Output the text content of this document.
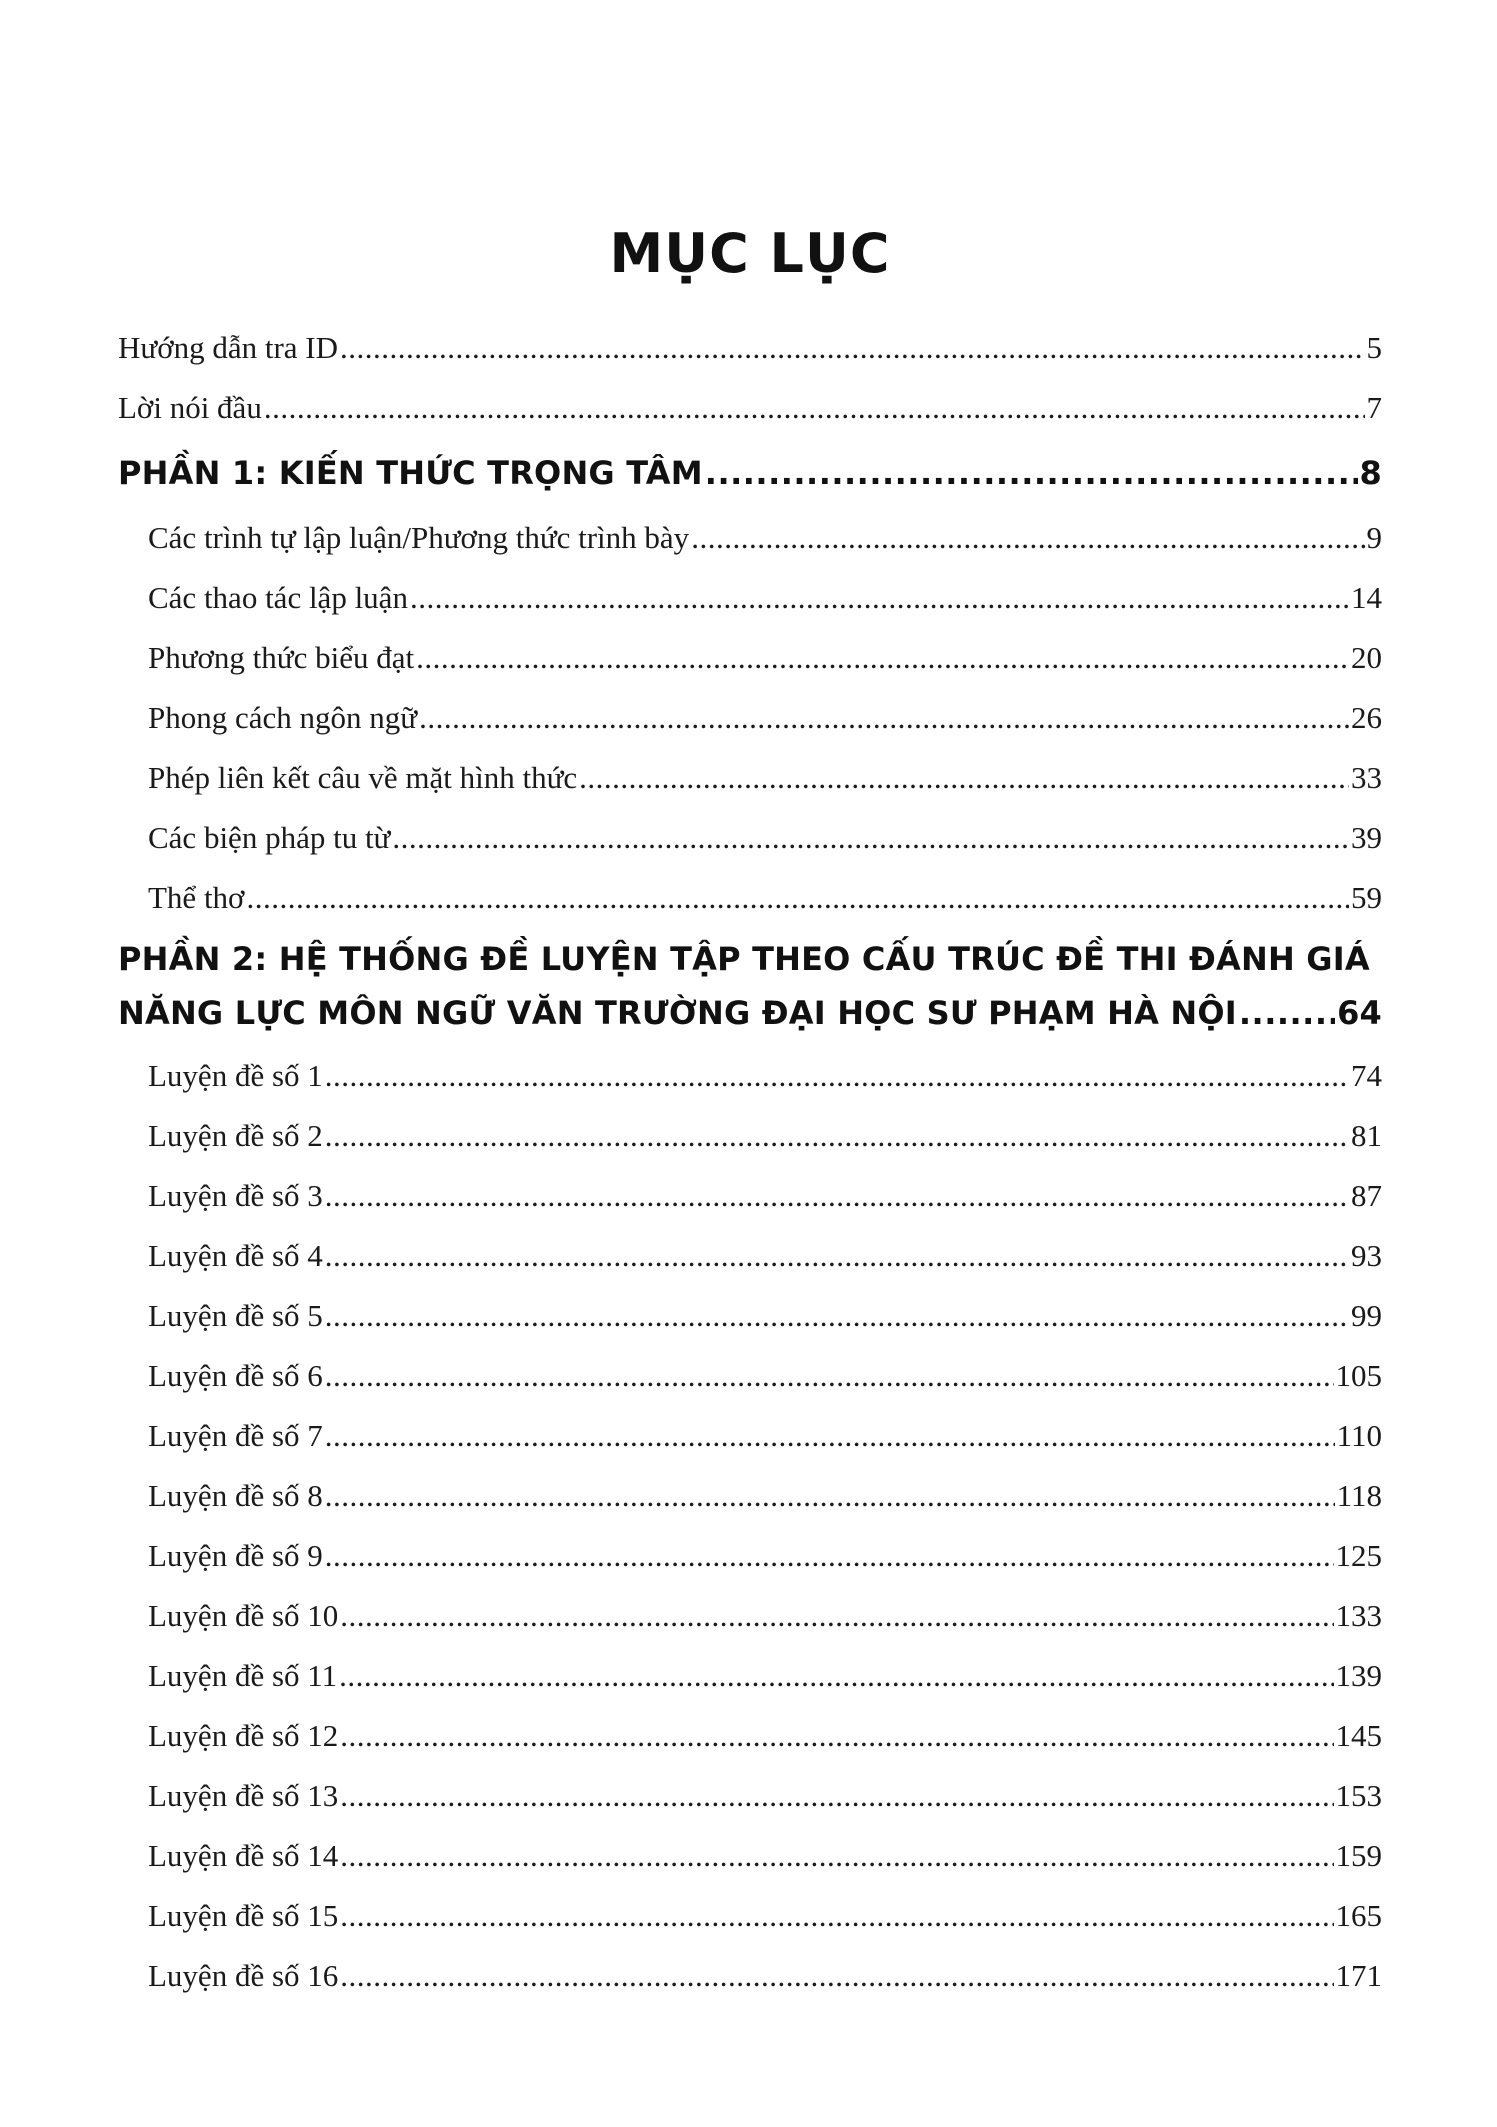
MỤC LỤC
Hướng dẫn tra ID .....	5
Lời nói đầu .....	7
PHẦN 1: KIẾN THỨC TRỌNG TÂM .....	8
Các trình tự lập luận/Phương thức trình bày .....	9
Các thao tác lập luận .....	14
Phương thức biểu đạt .....	20
Phong cách ngôn ngữ .....	26
Phép liên kết câu về mặt hình thức .....	33
Các biện pháp tu từ .....	39
Thể thơ .....	59
PHẦN 2: HỆ THỐNG ĐỀ LUYỆN TẬP THEO CẤU TRÚC ĐỀ THI ĐÁNH GIÁ
NĂNG LỰC MÔN NGỮ VĂN TRƯỜNG ĐẠI HỌC SƯ PHẠM HÀ NỘI .....	64
Luyện đề số 1 .....	74
Luyện đề số 2 .....	81
Luyện đề số 3 .....	87
Luyện đề số 4 .....	93
Luyện đề số 5 .....	99
Luyện đề số 6 .....	105
Luyện đề số 7 .....	110
Luyện đề số 8 .....	118
Luyện đề số 9 .....	125
Luyện đề số 10 .....	133
Luyện đề số 11 .....	139
Luyện đề số 12 .....	145
Luyện đề số 13 .....	153
Luyện đề số 14 .....	159
Luyện đề số 15 .....	165
Luyện đề số 16 .....	171
